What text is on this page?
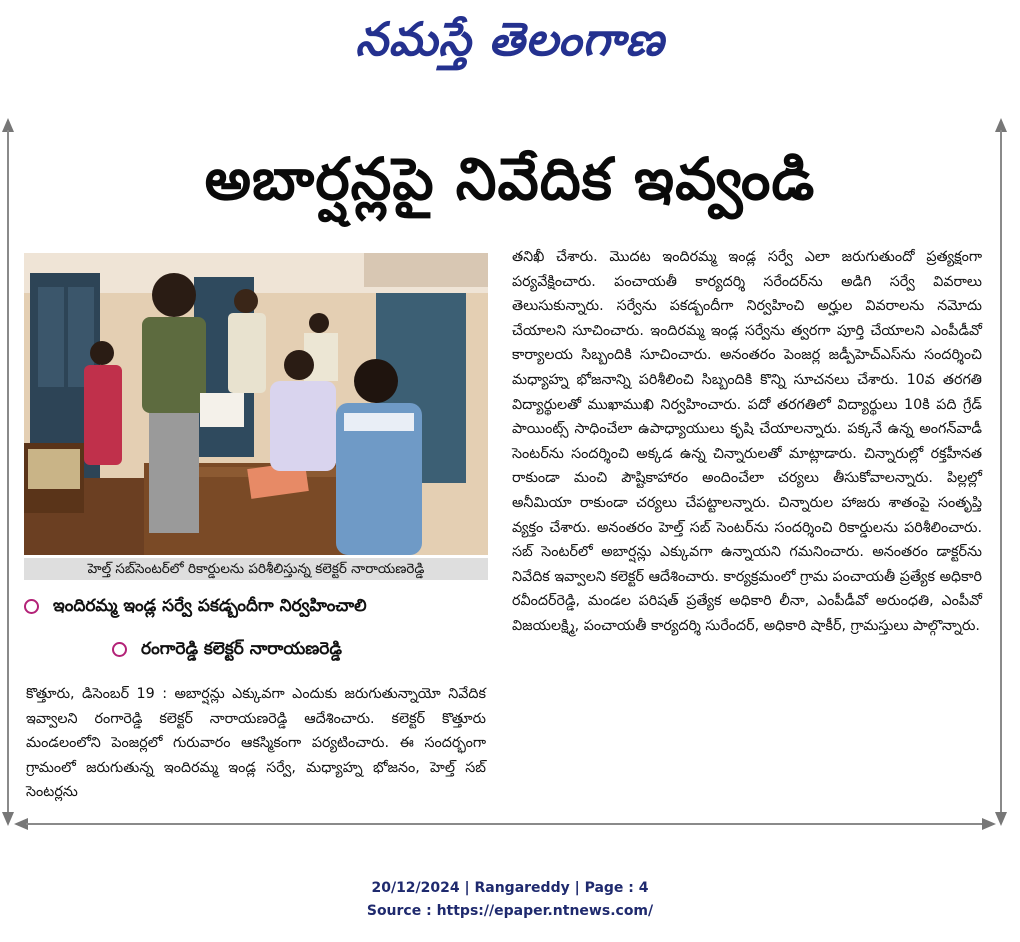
నమస్తే తెలంగాణ
అబార్షన్లపై నివేదిక ఇవ్వండి
హెల్త్ సబ్‌సెంటర్‌లో రికార్డులను పరిశీలిస్తున్న కలెక్టర్ నారాయణరెడ్డి
ఇందిరమ్మ ఇండ్ల సర్వే పకడ్బందీగా నిర్వహించాలి
రంగారెడ్డి కలెక్టర్ నారాయణరెడ్డి

కొత్తూరు, డిసెంబర్ 19 : అబార్షన్లు ఎక్కువగా ఎందుకు జరుగుతున్నాయో నివేదిక ఇవ్వాలని రంగారెడ్డి కలెక్టర్ నారాయణరెడ్డి ఆదేశించారు. కలెక్టర్ కొత్తూరు మండలంలోని పెంజర్లలో గురువారం ఆకస్మికంగా పర్యటించారు. ఈ సందర్భంగా గ్రామంలో జరుగుతున్న ఇందిరమ్మ ఇండ్ల సర్వే, మధ్యాహ్న భోజనం, హెల్త్ సబ్ సెంటర్లను

తనిఖీ చేశారు. మొదట ఇందిరమ్మ ఇండ్ల సర్వే ఎలా జరుగుతుందో ప్రత్యక్షంగా పర్యవేక్షించారు. పంచాయతీ కార్యదర్శి సరేందర్‌ను అడిగి సర్వే వివరాలు తెలుసుకున్నారు. సర్వేను పకడ్బందీగా నిర్వహించి అర్హుల వివరాలను నమోదు చేయాలని సూచించారు. ఇందిరమ్మ ఇండ్ల సర్వేను త్వరగా పూర్తి చేయాలని ఎంపీడీవో కార్యాలయ సిబ్బందికి సూచించారు. అనంతరం పెంజర్ల జడ్పీహెచ్‌ఎస్‌ను సందర్శించి మధ్యాహ్న భోజనాన్ని పరిశీలించి సిబ్బందికి కొన్ని సూచనలు చేశారు. 10వ తరగతి విద్యార్థులతో ముఖాముఖి నిర్వహించారు. పదో తరగతిలో విద్యార్థులు 10కి పది గ్రేడ్ పాయింట్స్ సాధించేలా ఉపాధ్యాయులు కృషి చేయాలన్నారు. పక్కనే ఉన్న అంగన్‌వాడీ సెంటర్‌ను సందర్శించి అక్కడ ఉన్న చిన్నారులతో మాట్లాడారు. చిన్నారుల్లో రక్తహీనత రాకుండా మంచి పౌష్టికాహారం అందించేలా చర్యలు తీసుకోవాలన్నారు. పిల్లల్లో అనీమియా రాకుండా చర్యలు చేపట్టాలన్నారు. చిన్నారుల హాజరు శాతంపై సంతృప్తి వ్యక్తం చేశారు. అనంతరం హెల్త్ సబ్ సెంటర్‌ను సందర్శించి రికార్డులను పరిశీలించారు. సబ్ సెంటర్‌లో అబార్షన్లు ఎక్కువగా ఉన్నాయని గమనించారు. అనంతరం డాక్టర్‌ను నివేదిక ఇవ్వాలని కలెక్టర్ ఆదేశించారు. కార్యక్రమంలో గ్రామ పంచాయతీ ప్రత్యేక అధికారి రవీందర్‌రెడ్డి, మండల పరిషత్ ప్రత్యేక అధికారి లీనా, ఎంపీడీవో అరుంధతి, ఎంపీవో విజయలక్ష్మి, పంచాయతీ కార్యదర్శి సురేందర్, అధికారి షాకీర్, గ్రామస్తులు పాల్గొన్నారు.

20/12/2024 | Rangareddy | Page : 4
Source : https://epaper.ntnews.com/
